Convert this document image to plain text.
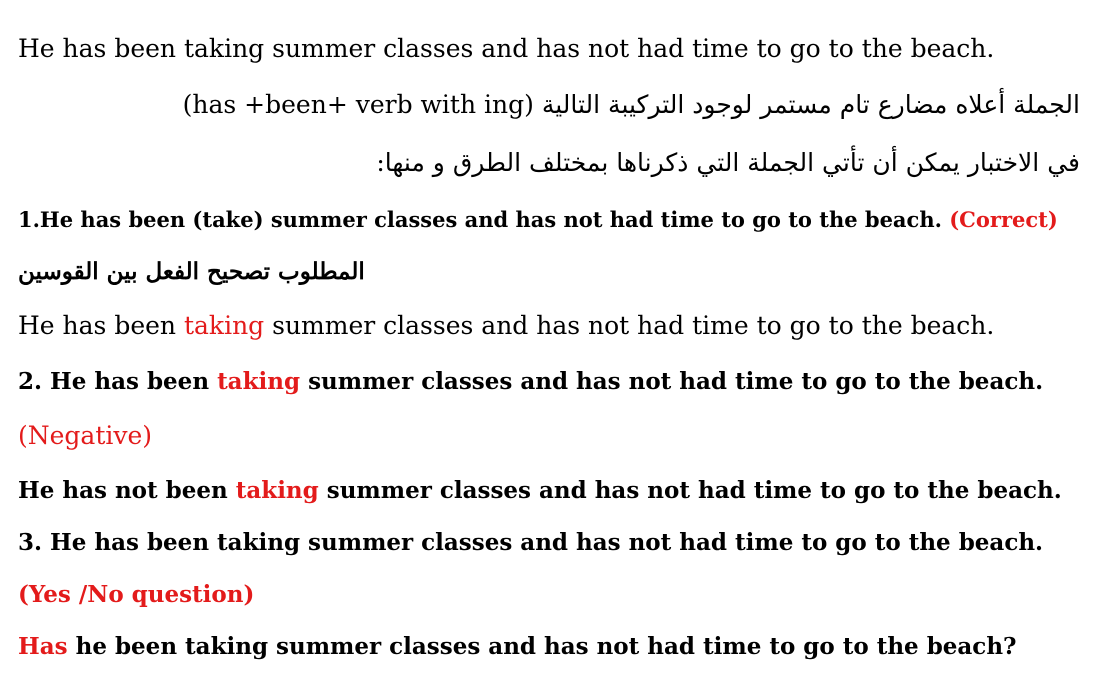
He has been taking summer classes and has not had time to go to the beach.
الجملة أعلاه مضارع تام مستمر لوجود التركيبة التالية (has +been+ verb with ing)
في الاختبار يمكن أن تأتي الجملة التي ذكرناها بمختلف الطرق و منها:
1.He has been (take) summer classes and has not had time to go to the beach. (Correct)
المطلوب تصحيح الفعل بين القوسين
He has been taking summer classes and has not had time to go to the beach.
2. He has been taking summer classes and has not had time to go to the beach.
(Negative)
He has not been taking summer classes and has not had time to go to the beach.
3. He has been taking summer classes and has not had time to go to the beach.
(Yes /No question)
Has he been taking summer classes and has not had time to go to the beach?
